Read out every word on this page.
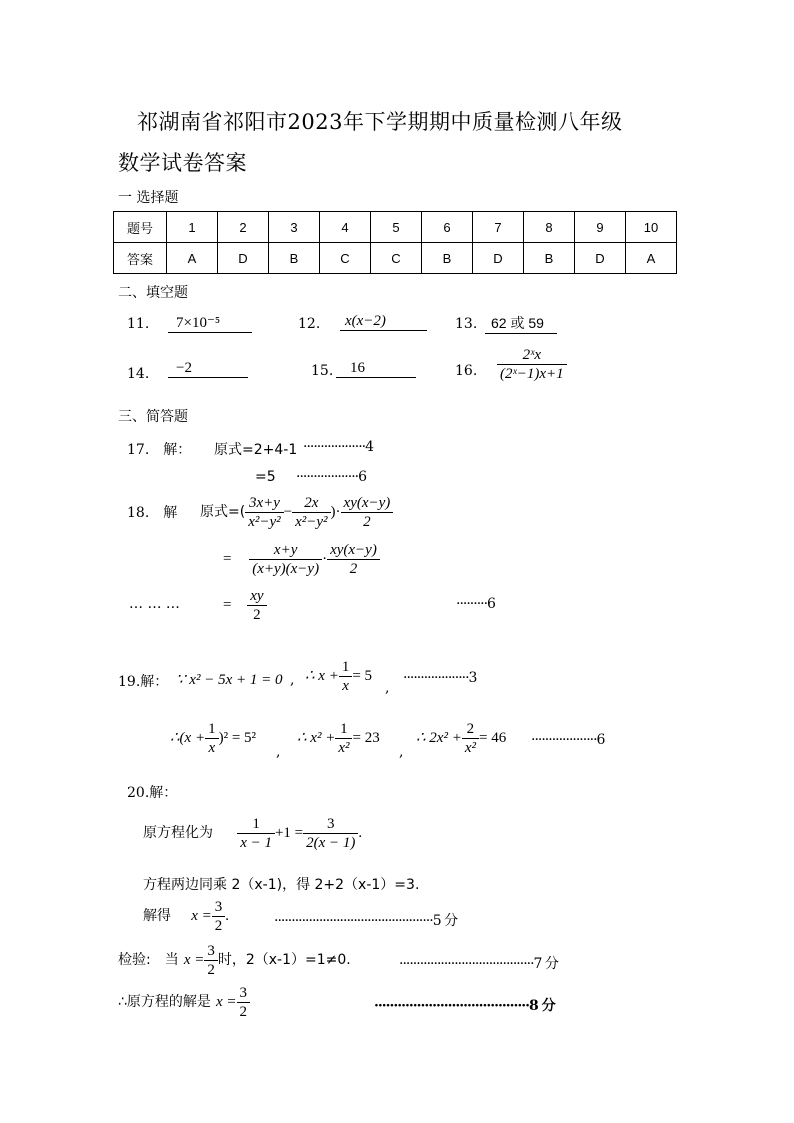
祁湖南省祁阳市2023年下学期期中质量检测八年级
数学试卷答案
一 选择题
题号	1	2	3	4	5	6	7	8	9	10
答案	A	D	B	C	C	B	D	B	D	A
二、填空题
11.	7×10⁻⁵	12.	x(x−2)	13. 62 或 59
14.	−2	15.	16	16. $\frac{\text{2ˣx}}{\text{(2ˣ−1)x+1}}$
三、简答题
17.　解： 原式=2+4-1 ··················4
=5 ··················6
18.　解 原式=( $\frac{3x+y}{\text{x²−y²}} - \frac{2x}{\text{x²−y²}}$ )· $\frac{xy(x-y)}{2}$
= $\frac{x+y}{(x+y)(x-y)} \cdot \frac{xy(x-y)}{2}$
… … …	= $\frac{xy}{2}$	·········6
19.解： ∵ x² − 5x + 1 = 0 , ∴ $x + \frac{1}{x} = 5$
,
···················3
∴(x + $\frac{1}{x} )^2 = 5^2$
,
∴ $x^2 + \frac{1}{\text{x²}} = 23$
,
∴ $2x^2 + \frac{2}{\text{x²}} = 46 \cdot\cdot\cdot\cdot\cdot\cdot\cdot\cdot\cdot\cdot\cdot\cdot\cdot\cdot\cdot\cdot\cdot\cdot\cdot 6$
20.解：
原方程化为 $\frac{1}{x - 1} +1 = \frac{3}{2(x - 1)}$ .
方程两边同乘 2（x-1)，得 2+2（x-1）=3.
解得 $x = \frac{3}{2}$ .	··············································5 分
检验:　当 $x = \frac{3}{2}$ 时，2（x-1）=1≠0.	·······································7 分
∴原方程的解是 $x = \frac{3}{2}$	········································8 分
